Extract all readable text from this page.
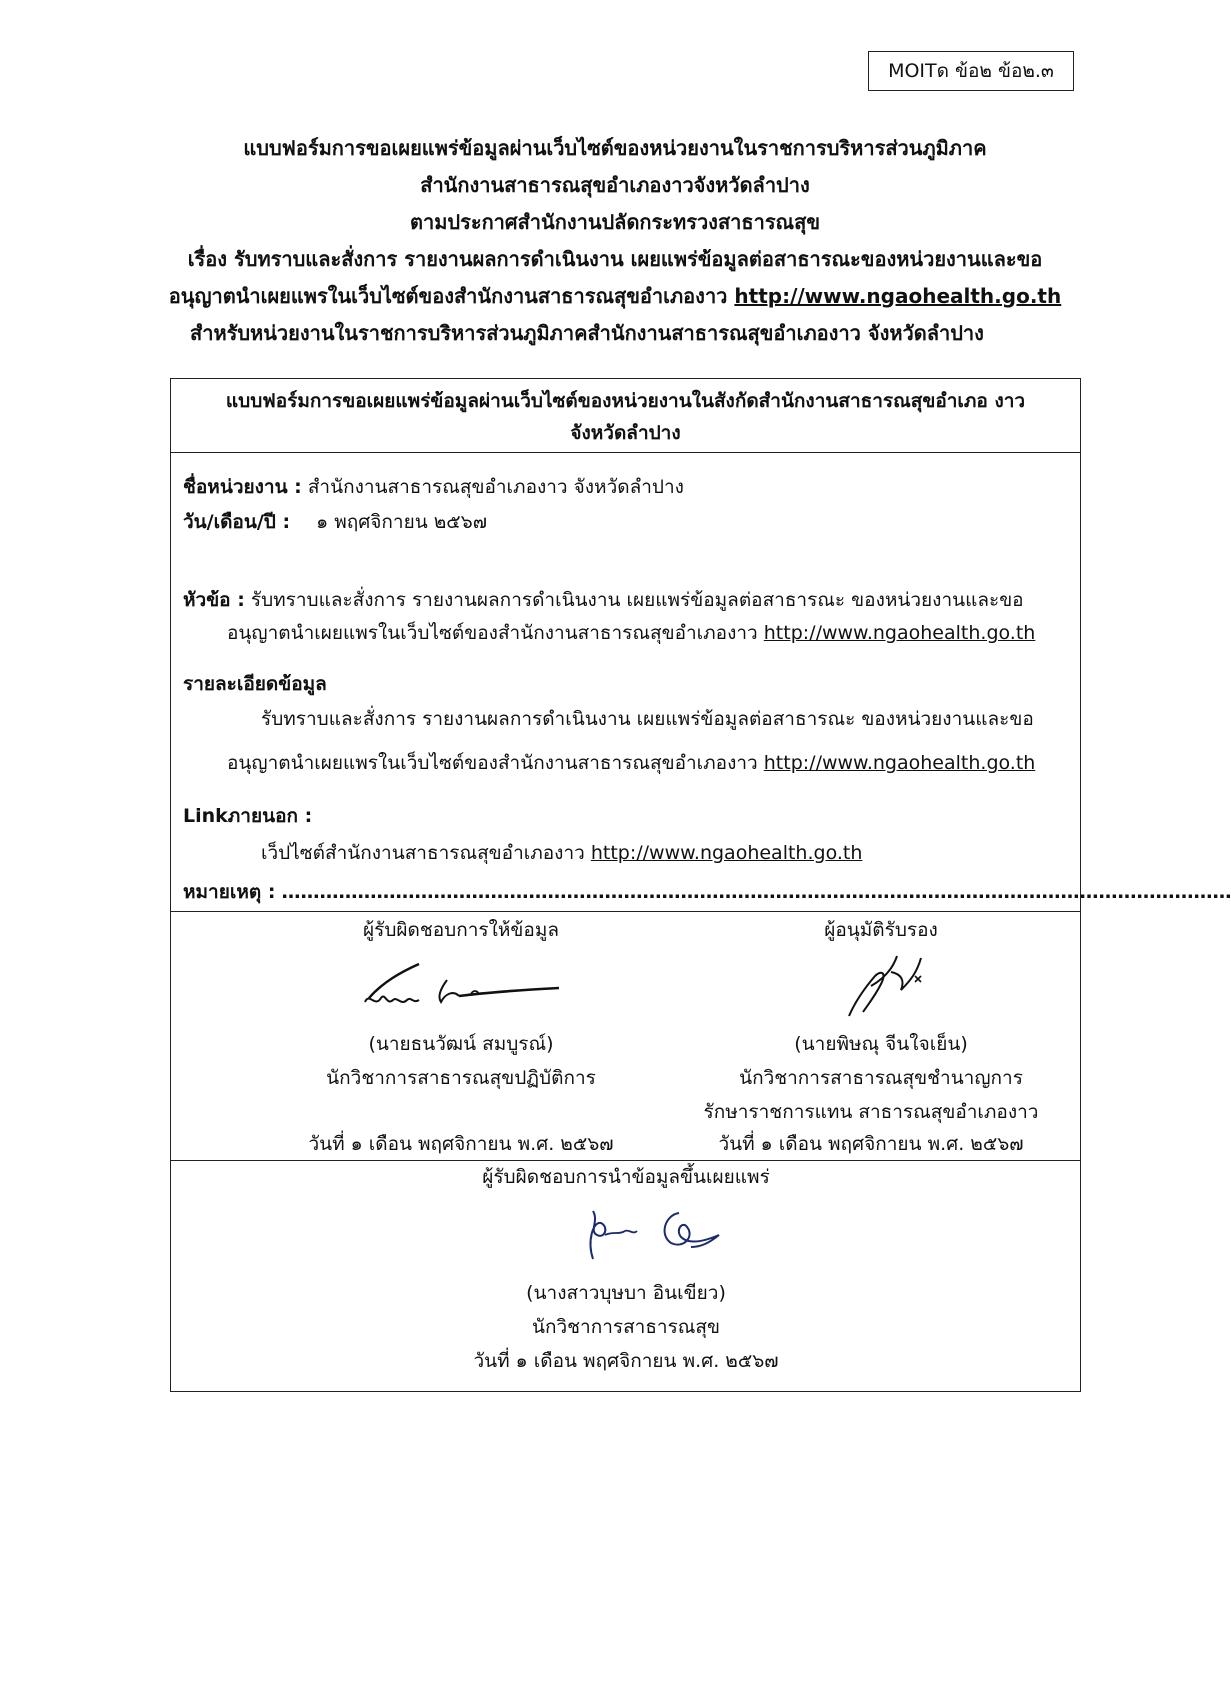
MOITด ข้อ๒ ข้อ๒.๓
แบบฟอร์มการขอเผยแพร่ข้อมูลผ่านเว็บไซต์ของหน่วยงานในราชการบริหารส่วนภูมิภาค
สำนักงานสาธารณสุขอำเภองาวจังหวัดลำปาง
ตามประกาศสำนักงานปลัดกระทรวงสาธารณสุข
เรื่อง รับทราบและสั่งการ รายงานผลการดำเนินงาน เผยแพร่ข้อมูลต่อสาธารณะของหน่วยงานและขอ
อนุญาตนำเผยแพรในเว็บไซต์ของสำนักงานสาธารณสุขอำเภองาว http://www.ngaohealth.go.th
สำหรับหน่วยงานในราชการบริหารส่วนภูมิภาคสำนักงานสาธารณสุขอำเภองาว จังหวัดลำปาง
แบบฟอร์มการขอเผยแพร่ข้อมูลผ่านเว็บไซต์ของหน่วยงานในสังกัดสำนักงานสาธารณสุขอำเภอ งาว
จังหวัดลำปาง
ชื่อหน่วยงาน : สำนักงานสาธารณสุขอำเภองาว จังหวัดลำปาง
วัน/เดือน/ปี : ๑ พฤศจิกายน ๒๕๖๗
หัวข้อ : รับทราบและสั่งการ รายงานผลการดำเนินงาน เผยแพร่ข้อมูลต่อสาธารณะ ของหน่วยงานและขอ
อนุญาตนำเผยแพรในเว็บไซต์ของสำนักงานสาธารณสุขอำเภองาว http://www.ngaohealth.go.th
รายละเอียดข้อมูล
รับทราบและสั่งการ รายงานผลการดำเนินงาน เผยแพร่ข้อมูลต่อสาธารณะ ของหน่วยงานและขอ
อนุญาตนำเผยแพรในเว็บไซต์ของสำนักงานสาธารณสุขอำเภองาว http://www.ngaohealth.go.th
Linkภายนอก :
เว็ปไซต์สำนักงานสาธารณสุขอำเภองาว http://www.ngaohealth.go.th
หมายเหตุ : ……………………………………………………………………………………………………………………………………
ผู้รับผิดชอบการให้ข้อมูล
(นายธนวัฒน์ สมบูรณ์)
นักวิชาการสาธารณสุขปฏิบัติการ
วันที่ ๑ เดือน พฤศจิกายน พ.ศ. ๒๕๖๗
ผู้อนุมัติรับรอง
(นายพิษณุ จีนใจเย็น)
นักวิชาการสาธารณสุขชำนาญการ
รักษาราชการแทน สาธารณสุขอำเภองาว
วันที่ ๑ เดือน พฤศจิกายน พ.ศ. ๒๕๖๗
ผู้รับผิดชอบการนำข้อมูลขึ้นเผยแพร่
(นางสาวบุษบา อินเขียว)
นักวิชาการสาธารณสุข
วันที่ ๑ เดือน พฤศจิกายน พ.ศ. ๒๕๖๗
